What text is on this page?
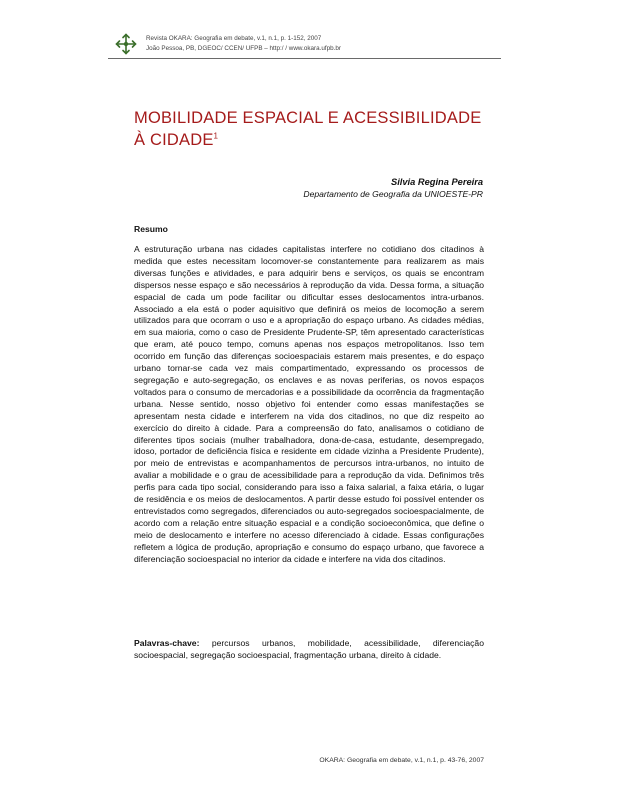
Revista OKARA: Geografia em debate, v.1, n.1, p. 1-152, 2007
João Pessoa, PB, DGEOC/ CCEN/ UFPB – http:/ / www.okara.ufpb.br
MOBILIDADE ESPACIAL E ACESSIBILIDADE À CIDADE$^1$
Silvia Regina Pereira
Departamento de Geografia da UNIOESTE-PR
Resumo
A estruturação urbana nas cidades capitalistas interfere no cotidiano dos citadinos à medida que estes necessitam locomover-se constantemente para realizarem as mais diversas funções e atividades, e para adquirir bens e serviços, os quais se encontram dispersos nesse espaço e são necessários à reprodução da vida. Dessa forma, a situação espacial de cada um pode facilitar ou dificultar esses deslocamentos intra-urbanos. Associado a ela está o poder aquisitivo que definirá os meios de locomoção a serem utilizados para que ocorram o uso e a apropriação do espaço urbano. As cidades médias, em sua maioria, como o caso de Presidente Prudente-SP, têm apresentado características que eram, até pouco tempo, comuns apenas nos espaços metropolitanos. Isso tem ocorrido em função das diferenças socioespaciais estarem mais presentes, e do espaço urbano tornar-se cada vez mais compartimentado, expressando os processos de segregação e auto-segregação, os enclaves e as novas periferias, os novos espaços voltados para o consumo de mercadorias e a possibilidade da ocorrência da fragmentação urbana. Nesse sentido, nosso objetivo foi entender como essas manifestações se apresentam nesta cidade e interferem na vida dos citadinos, no que diz respeito ao exercício do direito à cidade. Para a compreensão do fato, analisamos o cotidiano de diferentes tipos sociais (mulher trabalhadora, dona-de-casa, estudante, desempregado, idoso, portador de deficiência física e residente em cidade vizinha a Presidente Prudente), por meio de entrevistas e acompanhamentos de percursos intra-urbanos, no intuito de avaliar a mobilidade e o grau de acessibilidade para a reprodução da vida. Definimos três perfis para cada tipo social, considerando para isso a faixa salarial, a faixa etária, o lugar de residência e os meios de deslocamentos. A partir desse estudo foi possível entender os entrevistados como segregados, diferenciados ou auto-segregados socioespacialmente, de acordo com a relação entre situação espacial e a condição socioeconômica, que define o meio de deslocamento e interfere no acesso diferenciado à cidade. Essas configurações refletem a lógica de produção, apropriação e consumo do espaço urbano, que favorece a diferenciação socioespacial no interior da cidade e interfere na vida dos citadinos.
Palavras-chave: percursos urbanos, mobilidade, acessibilidade, diferenciação socioespacial, segregação socioespacial, fragmentação urbana, direito à cidade.
OKARA: Geografia em debate, v.1, n.1, p. 43-76, 2007
